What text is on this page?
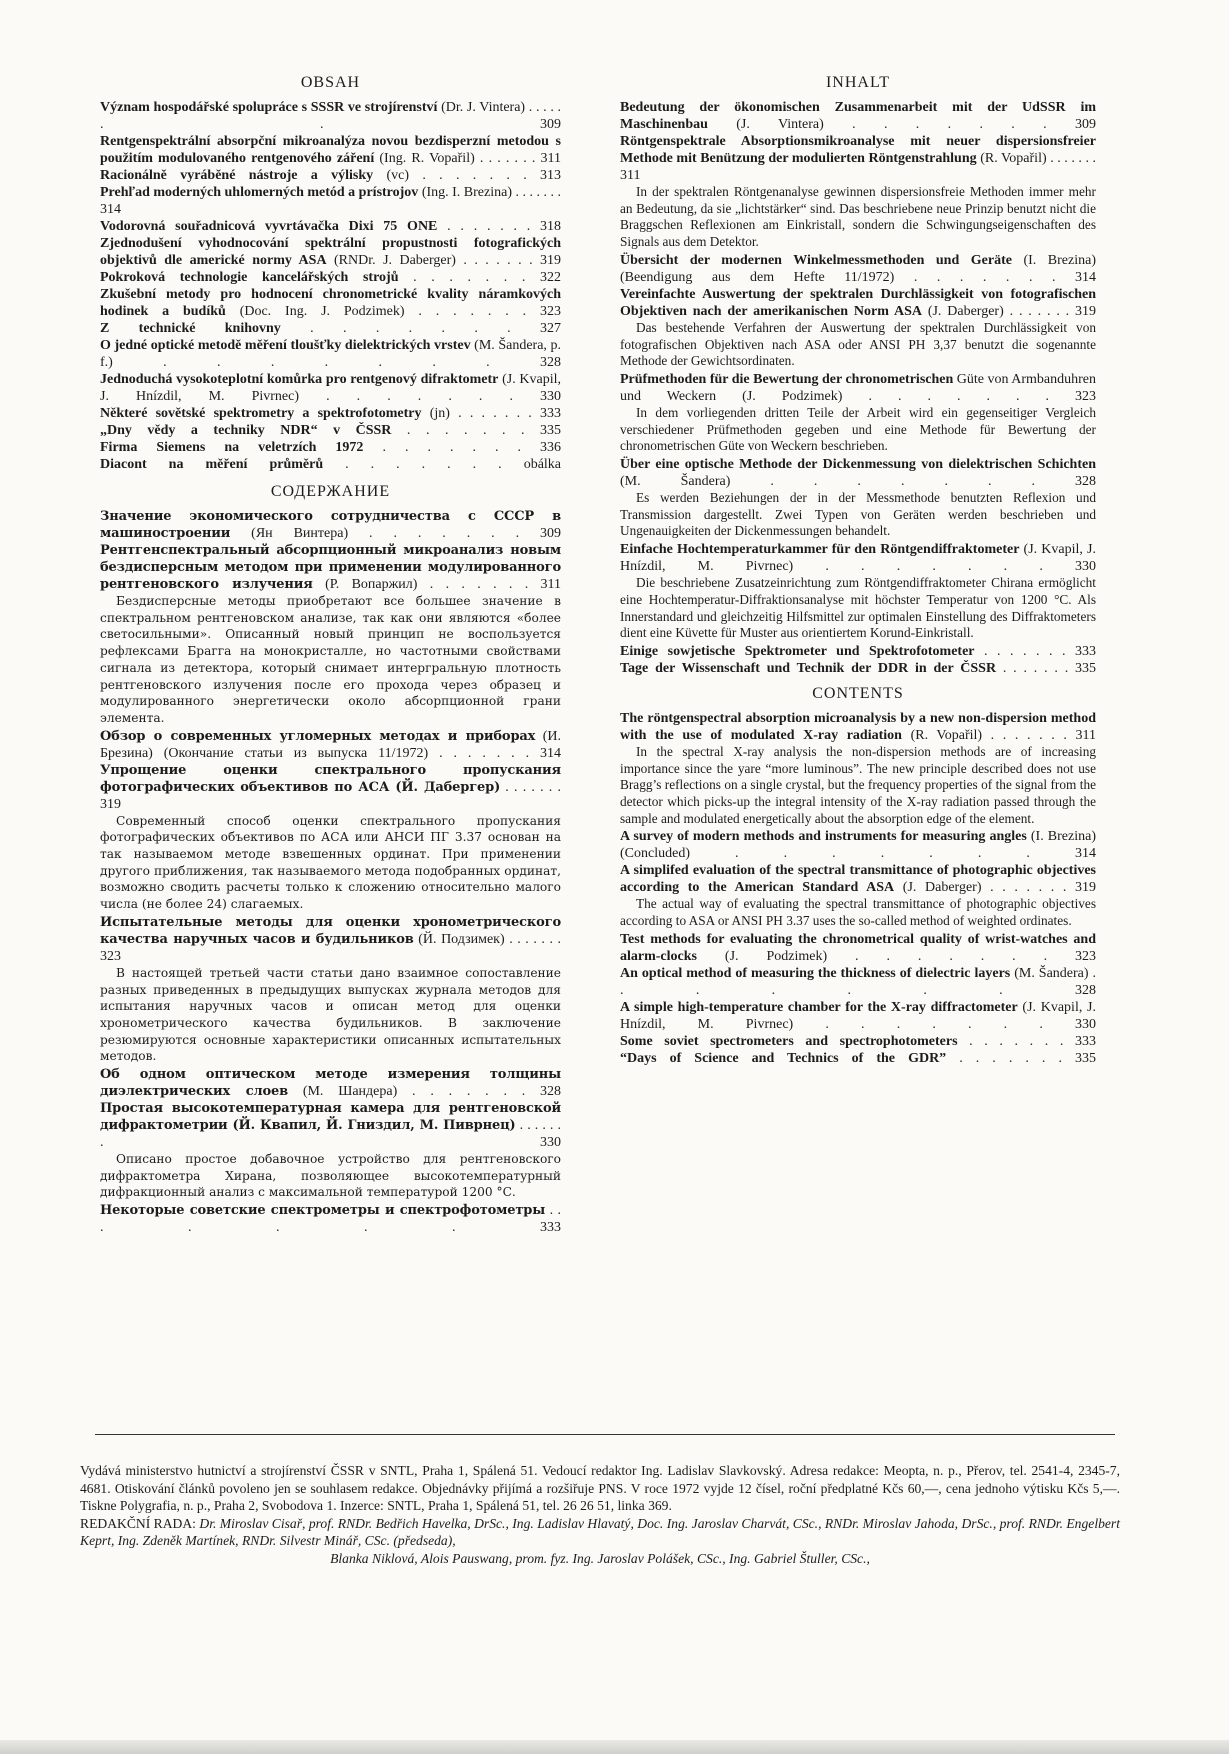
OBSAH

Význam hospodářské spolupráce s SSSR ve strojírenství (Dr. J. Vintera) . . . . . . . 309

Rentgenspektrální absorpční mikroanalýza novou bezdisperzní metodou s použitím modulovaného rentgenového záření (Ing. R. Vopařil) . . . . . . . 311

Racionálně vyráběné nástroje a výlisky (vc) . . . . . . . 313

Prehľad moderných uhlomerných metód a prístrojov (Ing. I. Brezina) . . . . . . . 314

Vodorovná souřadnicová vyvrtávačka Dixi 75 ONE . . . . . . . 318

Zjednodušení vyhodnocování spektrální propustnosti fotografických objektivů dle americké normy ASA (RNDr. J. Daberger) . . . . . . . 319

Pokroková technologie kancelářských strojů . . . . . . . 322

Zkušební metody pro hodnocení chronometrické kvality náramkových hodinek a budíků (Doc. Ing. J. Podzimek) . . . . . . . 323

Z technické knihovny . . . . . . . 327

O jedné optické metodě měření tloušťky dielektrických vrstev (M. Šandera, p. f.) . . . . . . . 328

Jednoduchá vysokoteplotní komůrka pro rentgenový difraktometr (J. Kvapil, J. Hnízdil, M. Pivrnec) . . . . . . . 330

Některé sovětské spektrometry a spektrofotometry (jn) . . . . . . . 333

„Dny vědy a techniky NDR“ v ČSSR . . . . . . . 335

Firma Siemens na veletrzích 1972 . . . . . . . 336

Diacont na měření průměrů . . . . . . . obálka

СОДЕРЖАНИЕ

Значение экономического сотрудничества с СССР в машиностроении (Ян Винтера) . . . . . . . 309

Рентгенспектральный абсорпционный микроанализ новым бездисперсным методом при применении модулированного рентгеновского излучения (Р. Вопаржил) . . . . . . . 311

Бездисперсные методы приобретают все большее значение в спектральном рентгеновском анализе, так как они являются «более светосильными». Описанный новый принцип не воспользуется рефлексами Брагга на монокристалле, но частотными свойствами сигнала из детектора, который снимает интергральную плотность рентгеновского излучения после его прохода через образец и модулированного энергетически около абсорпционной грани элемента.

Обзор о современных угломерных методах и приборах (И. Брезина) (Окончание статьи из выпуска 11/1972) . . . . . . . 314

Упрощение оценки спектрального пропускания фотографических объективов по АСА (Й. Дабергер) . . . . . . . 319

Современный способ оценки спектрального пропускания фотографических объективов по АСА или АНСИ ПГ 3.37 основан на так называемом методе взвешенных ординат. При применении другого приближения, так называемого метода подобранных ординат, возможно сводить расчеты только к сложению относительно малого числа (не более 24) слагаемых.

Испытательные методы для оценки хронометрического качества наручных часов и будильников (Й. Подзимек) . . . . . . . 323

В настоящей третьей части статьи дано взаимное сопоставление разных приведенных в предыдущих выпусках журнала методов для испытания наручных часов и описан метод для оценки хронометрического качества будильников. В заключение резюмируются основные характеристики описанных испытательных методов.

Об одном оптическом методе измерения толщины диэлектрических слоев (М. Шандера) . . . . . . . 328

Простая высокотемпературная камера для рентгеновской дифрактометрии (Й. Квапил, Й. Гниздил, М. Пиврнец) . . . . . . . 330

Описано простое добавочное устройство для рентгеновского дифрактометра Хирана, позволяющее высокотемпературный дифракционный анализ с максимальной температурой 1200 °С.

Некоторые советские спектрометры и спектрофотометры . . . . . . . 333

INHALT

Bedeutung der ökonomischen Zusammenarbeit mit der UdSSR im Maschinenbau (J. Vintera) . . . . . . . 309

Röntgenspektrale Absorptionsmikroanalyse mit neuer dispersionsfreier Methode mit Benützung der modulierten Röntgenstrahlung (R. Vopařil) . . . . . . . 311

In der spektralen Röntgenanalyse gewinnen dispersionsfreie Methoden immer mehr an Bedeutung, da sie „lichtstärker“ sind. Das beschriebene neue Prinzip benutzt nicht die Braggschen Reflexionen am Einkristall, sondern die Schwingungseigenschaften des Signals aus dem Detektor.

Übersicht der modernen Winkelmessmethoden und Geräte (I. Brezina) (Beendigung aus dem Hefte 11/1972) . . . . . . . 314

Vereinfachte Auswertung der spektralen Durchlässigkeit von fotografischen Objektiven nach der amerikanischen Norm ASA (J. Daberger) . . . . . . . 319

Das bestehende Verfahren der Auswertung der spektralen Durchlässigkeit von fotografischen Objektiven nach ASA oder ANSI PH 3,37 benutzt die sogenannte Methode der Gewichtsordinaten.

Prüfmethoden für die Bewertung der chronometrischen Güte von Armbanduhren und Weckern (J. Podzimek) . . . . . . . 323

In dem vorliegenden dritten Teile der Arbeit wird ein gegenseitiger Vergleich verschiedener Prüfmethoden gegeben und eine Methode für Bewertung der chronometrischen Güte von Weckern beschrieben.

Über eine optische Methode der Dickenmessung von dielektrischen Schichten (M. Šandera) . . . . . . . 328

Es werden Beziehungen der in der Messmethode benutzten Reflexion und Transmission dargestellt. Zwei Typen von Geräten werden beschrieben und Ungenauigkeiten der Dickenmessungen behandelt.

Einfache Hochtemperaturkammer für den Röntgendiffraktometer (J. Kvapil, J. Hnízdil, M. Pivrnec) . . . . . . . 330

Die beschriebene Zusatzeinrichtung zum Röntgendiffraktometer Chirana ermöglicht eine Hochtemperatur-Diffraktionsanalyse mit höchster Temperatur von 1200 °C. Als Innerstandard und gleichzeitig Hilfsmittel zur optimalen Einstellung des Diffraktometers dient eine Küvette für Muster aus orientiertem Korund-Einkristall.

Einige sowjetische Spektrometer und Spektrofotometer . . . . . . . 333

Tage der Wissenschaft und Technik der DDR in der ČSSR . . . . . . . 335

CONTENTS

The röntgenspectral absorption microanalysis by a new non-dispersion method with the use of modulated X-ray radiation (R. Vopařil) . . . . . . . 311

In the spectral X-ray analysis the non-dispersion methods are of increasing importance since the yare “more luminous”. The new principle described does not use Bragg’s reflections on a single crystal, but the frequency properties of the signal from the detector which picks-up the integral intensity of the X-ray radiation passed through the sample and modulated energetically about the absorption edge of the element.

A survey of modern methods and instruments for measuring angles (I. Brezina) (Concluded) . . . . . . . 314

A simplifed evaluation of the spectral transmittance of photographic objectives according to the American Standard ASA (J. Daberger) . . . . . . . 319

The actual way of evaluating the spectral transmittance of photographic objectives according to ASA or ANSI PH 3.37 uses the so-called method of weighted ordinates.

Test methods for evaluating the chronometrical quality of wrist-watches and alarm-clocks (J. Podzimek) . . . . . . . 323

An optical method of measuring the thickness of dielectric layers (M. Šandera) . . . . . . . 328

A simple high-temperature chamber for the X-ray diffractometer (J. Kvapil, J. Hnízdil, M. Pivrnec) . . . . . . . 330

Some soviet spectrometers and spectrophotometers . . . . . . . 333

“Days of Science and Technics of the GDR” . . . . . . . 335

Vydává ministerstvo hutnictví a strojírenství ČSSR v SNTL, Praha 1, Spálená 51. Vedoucí redaktor Ing. Ladislav Slavkovský. Adresa redakce: Meopta, n. p., Přerov, tel. 2541-4, 2345-7, 4681. Otiskování článků povoleno jen se souhlasem redakce. Objednávky přijímá a rozšiřuje PNS. V roce 1972 vyjde 12 čísel, roční předplatné Kčs 60,—, cena jednoho výtisku Kčs 5,—. Tiskne Polygrafia, n. p., Praha 2, Svobodova 1. Inzerce: SNTL, Praha 1, Spálená 51, tel. 26 26 51, linka 369.

REDAKČNÍ RADA: Dr. Miroslav Cisař, prof. RNDr. Bedřich Havelka, DrSc., Ing. Ladislav Hlavatý, Doc. Ing. Jaroslav Charvát, CSc., RNDr. Miroslav Jahoda, DrSc., prof. RNDr. Engelbert Keprt, Ing. Zdeněk Martínek, RNDr. Silvestr Minář, CSc. (předseda),

Blanka Niklová, Alois Pauswang, prom. fyz. Ing. Jaroslav Polášek, CSc., Ing. Gabriel Štuller, CSc.,
